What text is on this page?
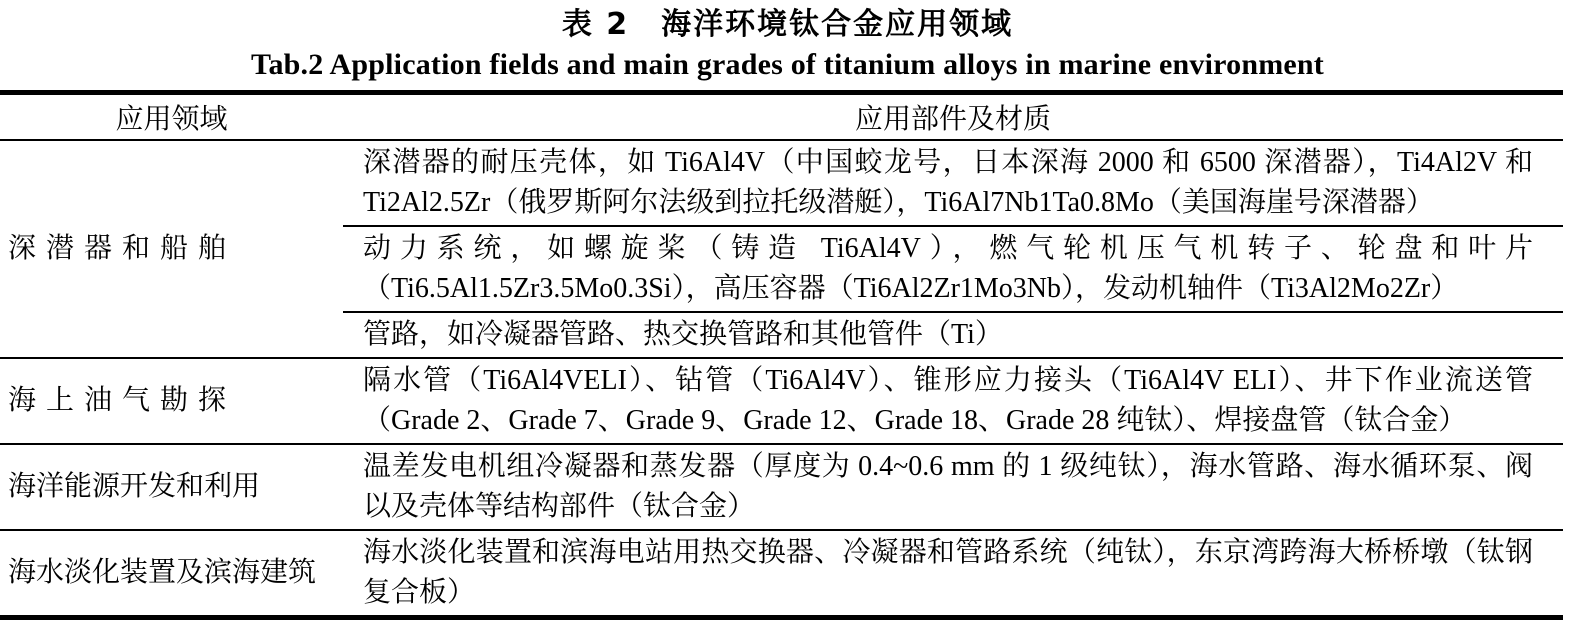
表 2　海洋环境钛合金应用领域
Tab.2 Application fields and main grades of titanium alloys in marine environment
应用领域	应用部件及材质
深潜器和船舶
深潜器的耐压壳体，如 Ti6Al4V（中国蛟龙号，日本深海 2000 和 6500 深潜器），Ti4Al2V 和 Ti2Al2.5Zr（俄罗斯阿尔法级到拉托级潜艇），Ti6Al7Nb1Ta0.8Mo（美国海崖号深潜器）
动力系统，如螺旋桨（铸造 Ti6Al4V），燃气轮机压气机转子、轮盘和叶片（Ti6.5Al1.5Zr3.5Mo0.3Si），高压容器（Ti6Al2Zr1Mo3Nb），发动机轴件（Ti3Al2Mo2Zr）
管路，如冷凝器管路、热交换管路和其他管件（Ti）
海上油气勘探
隔水管（Ti6Al4VELI）、钻管（Ti6Al4V）、锥形应力接头（Ti6Al4V ELI）、井下作业流送管（Grade 2、Grade 7、Grade 9、Grade 12、Grade 18、Grade 28 纯钛）、焊接盘管（钛合金）
海洋能源开发和利用
温差发电机组冷凝器和蒸发器（厚度为 0.4~0.6 mm 的 1 级纯钛），海水管路、海水循环泵、阀以及壳体等结构部件（钛合金）
海水淡化装置及滨海建筑
海水淡化装置和滨海电站用热交换器、冷凝器和管路系统（纯钛），东京湾跨海大桥桥墩（钛钢复合板）
